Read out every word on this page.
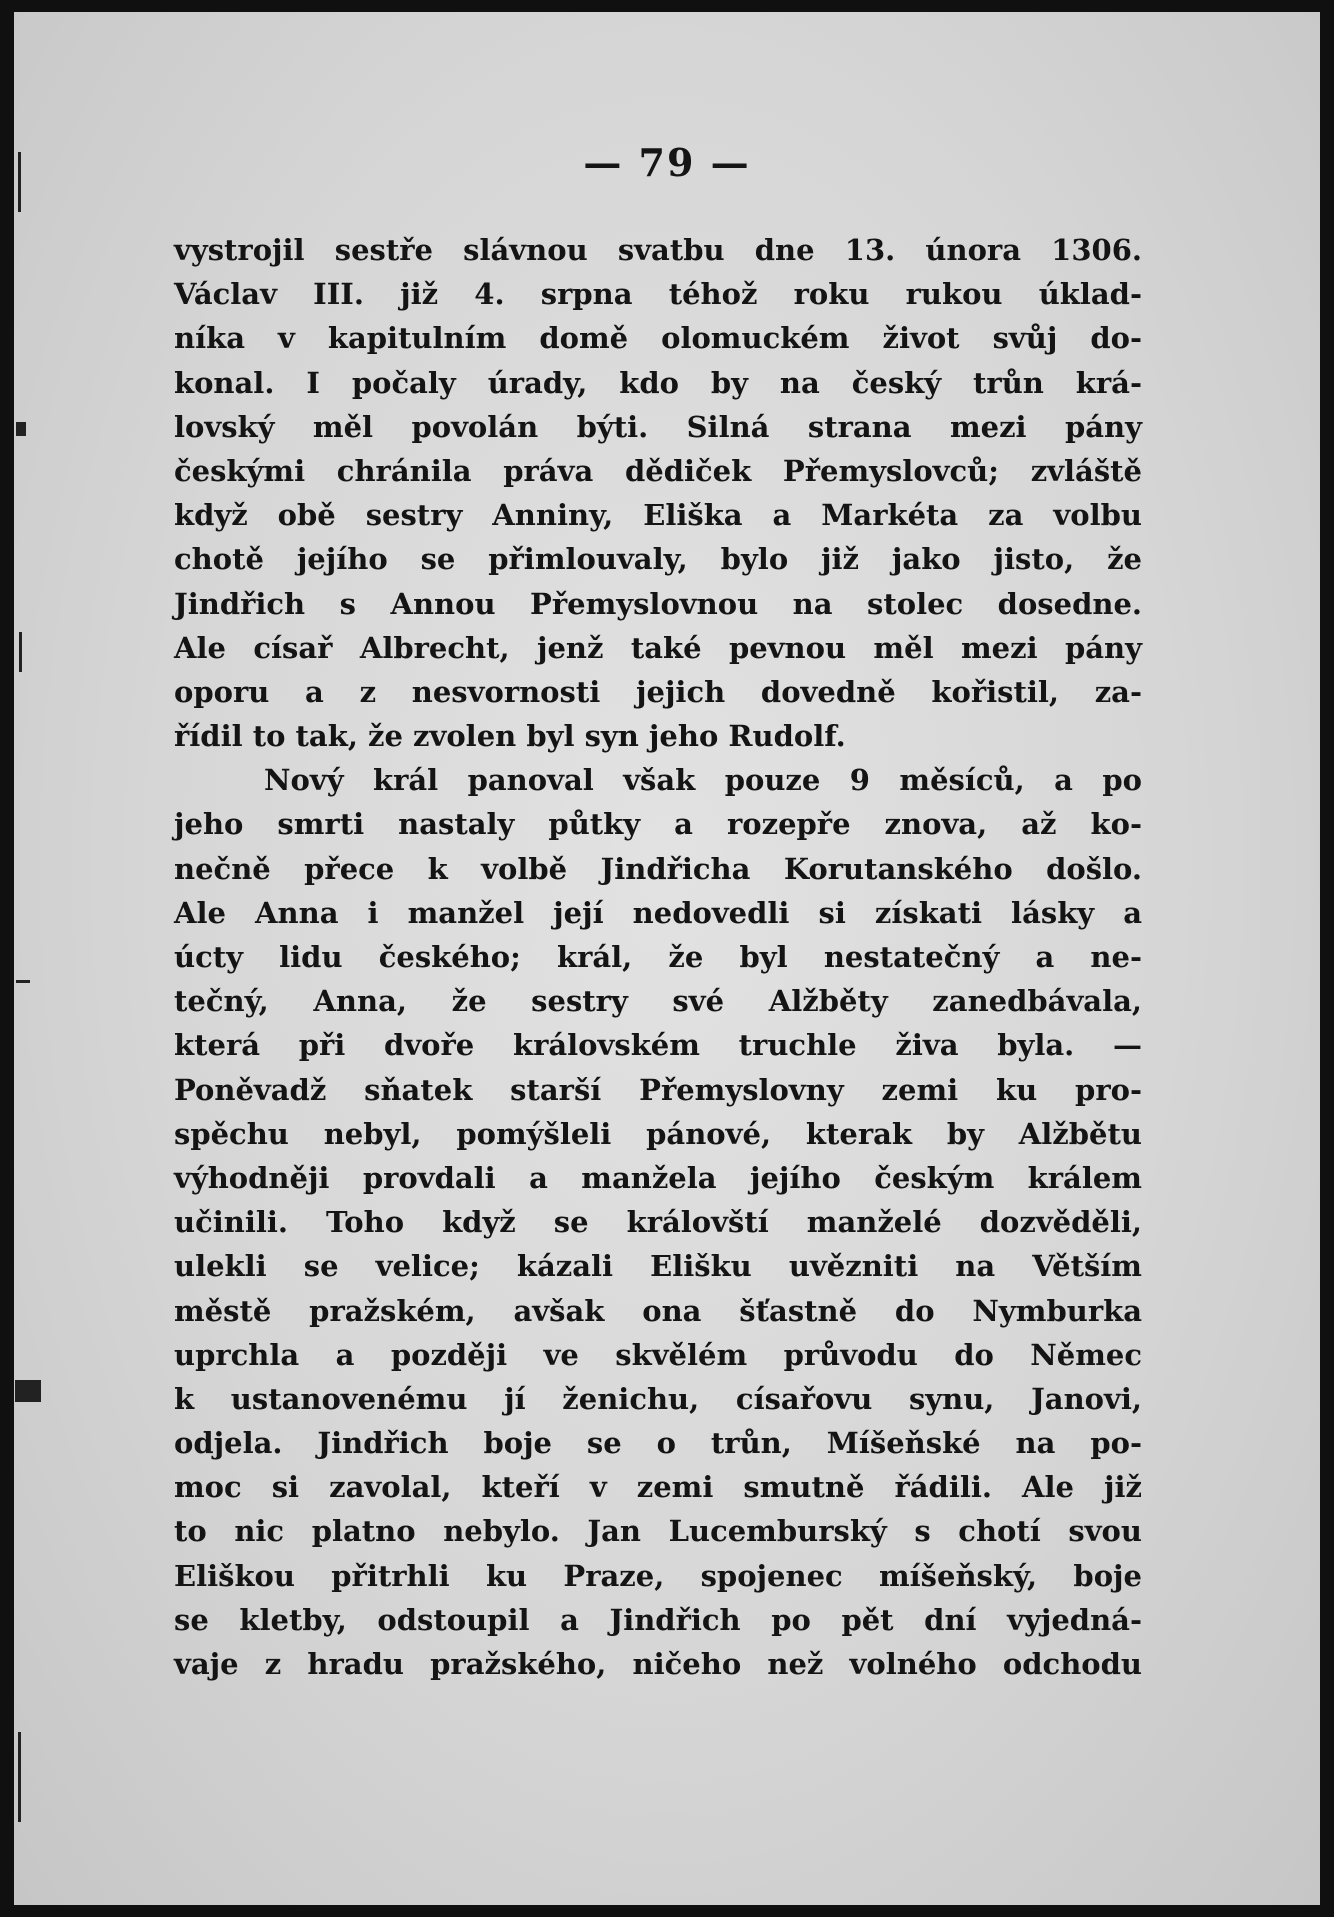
— 79 —
vystrojil sestře slávnou svatbu dne 13. února 1306.
Václav III. již 4. srpna téhož roku rukou úklad-
níka v kapitulním domě olomuckém život svůj do-
konal. I počaly úrady, kdo by na český trůn krá-
lovský měl povolán býti. Silná strana mezi pány
českými chránila práva dědiček Přemyslovců; zvláště
když obě sestry Anniny, Eliška a Markéta za volbu
chotě jejího se přimlouvaly, bylo již jako jisto, že
Jindřich s Annou Přemyslovnou na stolec dosedne.
Ale císař Albrecht, jenž také pevnou měl mezi pány
oporu a z nesvornosti jejich dovedně kořistil, za-
řídil to tak, že zvolen byl syn jeho Rudolf.
Nový král panoval však pouze 9 měsíců, a po
jeho smrti nastaly půtky a rozepře znova, až ko-
nečně přece k volbě Jindřicha Korutanského došlo.
Ale Anna i manžel její nedovedli si získati lásky a
úcty lidu českého; král, že byl nestatečný a ne-
tečný, Anna, že sestry své Alžběty zanedbávala,
která při dvoře královském truchle živa byla. —
Poněvadž sňatek starší Přemyslovny zemi ku pro-
spěchu nebyl, pomýšleli pánové, kterak by Alžbětu
výhodněji provdali a manžela jejího českým králem
učinili. Toho když se královští manželé dozvěděli,
ulekli se velice; kázali Elišku uvězniti na Větším
městě pražském, avšak ona šťastně do Nymburka
uprchla a později ve skvělém průvodu do Němec
k ustanovenému jí ženichu, císařovu synu, Janovi,
odjela. Jindřich boje se o trůn, Míšeňské na po-
moc si zavolal, kteří v zemi smutně řádili. Ale již
to nic platno nebylo. Jan Lucemburský s chotí svou
Eliškou přitrhli ku Praze, spojenec míšeňský, boje
se kletby, odstoupil a Jindřich po pět dní vyjedná-
vaje z hradu pražského, ničeho než volného odchodu
